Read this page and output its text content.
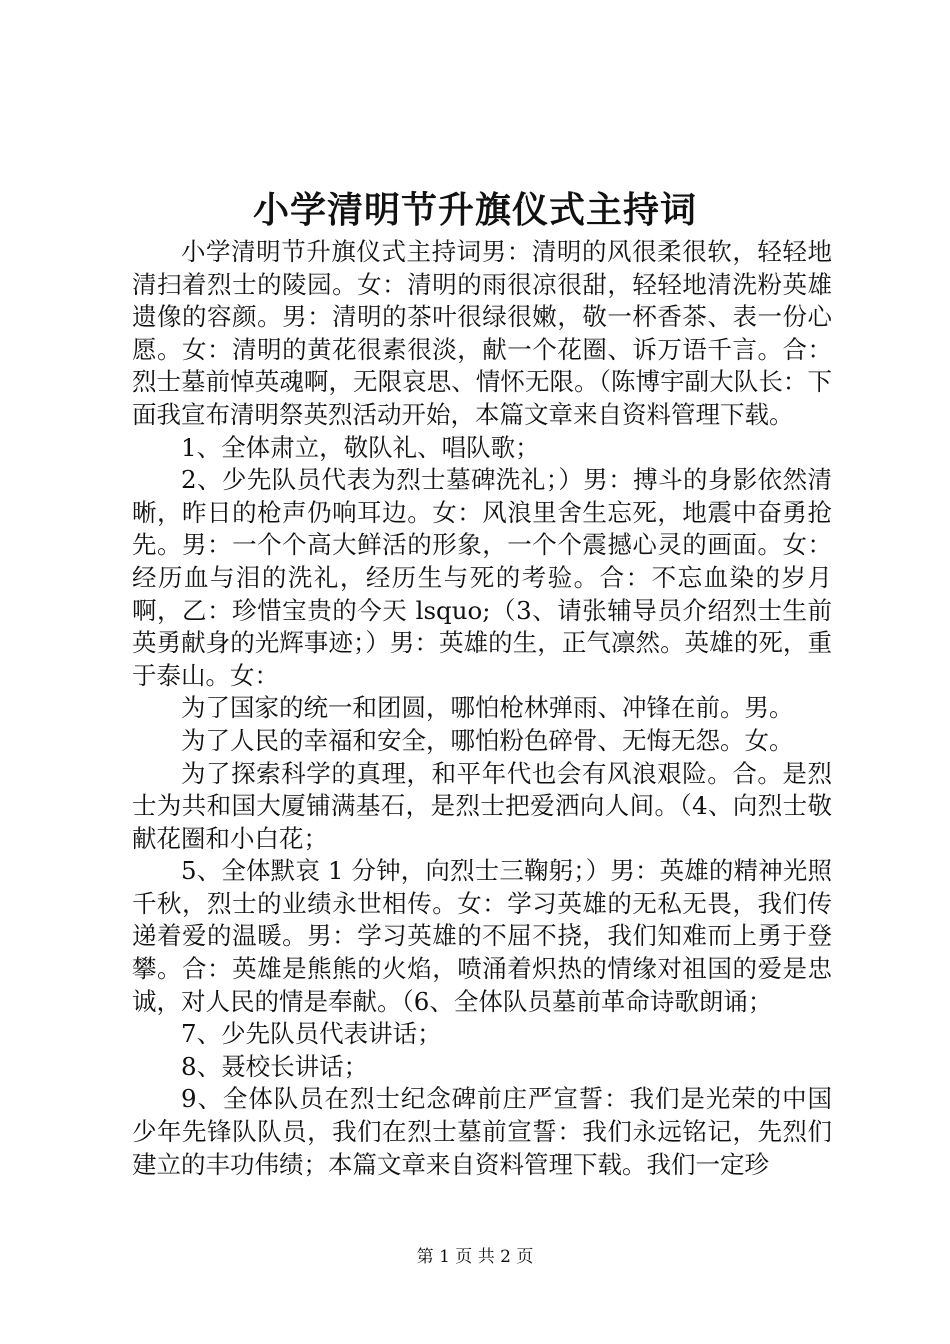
小学清明节升旗仪式主持词

小学清明节升旗仪式主持词男：清明的风很柔很软，轻轻地清扫着烈士的陵园。女：清明的雨很凉很甜，轻轻地清洗粉英雄遗像的容颜。男：清明的茶叶很绿很嫩，敬一杯香茶、表一份心愿。女：清明的黄花很素很淡，献一个花圈、诉万语千言。合：烈士墓前悼英魂啊，无限哀思、情怀无限。（陈博宇副大队长：下面我宣布清明祭英烈活动开始，本篇文章来自资料管理下载。

1、全体肃立，敬队礼、唱队歌；

2、少先队员代表为烈士墓碑洗礼；）男：搏斗的身影依然清晰，昨日的枪声仍响耳边。女：风浪里舍生忘死，地震中奋勇抢先。男：一个个高大鲜活的形象，一个个震撼心灵的画面。女：经历血与泪的洗礼，经历生与死的考验。合：不忘血染的岁月啊，乙：珍惜宝贵的今天 lsquo;（3、请张辅导员介绍烈士生前英勇献身的光辉事迹；）男：英雄的生，正气凛然。英雄的死，重于泰山。女：

为了国家的统一和团圆，哪怕枪林弹雨、冲锋在前。男。

为了人民的幸福和安全，哪怕粉色碎骨、无悔无怨。女。

为了探索科学的真理，和平年代也会有风浪艰险。合。是烈士为共和国大厦铺满基石，是烈士把爱洒向人间。（4、向烈士敬献花圈和小白花；

5、全体默哀 1 分钟，向烈士三鞠躬；）男：英雄的精神光照千秋，烈士的业绩永世相传。女：学习英雄的无私无畏，我们传递着爱的温暖。男：学习英雄的不屈不挠，我们知难而上勇于登攀。合：英雄是熊熊的火焰，喷涌着炽热的情缘对祖国的爱是忠诚，对人民的情是奉献。（6、全体队员墓前革命诗歌朗诵；

7、少先队员代表讲话；

8、聂校长讲话；

9、全体队员在烈士纪念碑前庄严宣誓：我们是光荣的中国少年先锋队队员，我们在烈士墓前宣誓：我们永远铭记，先烈们建立的丰功伟绩；本篇文章来自资料管理下载。我们一定珍

第 1 页 共 2 页
